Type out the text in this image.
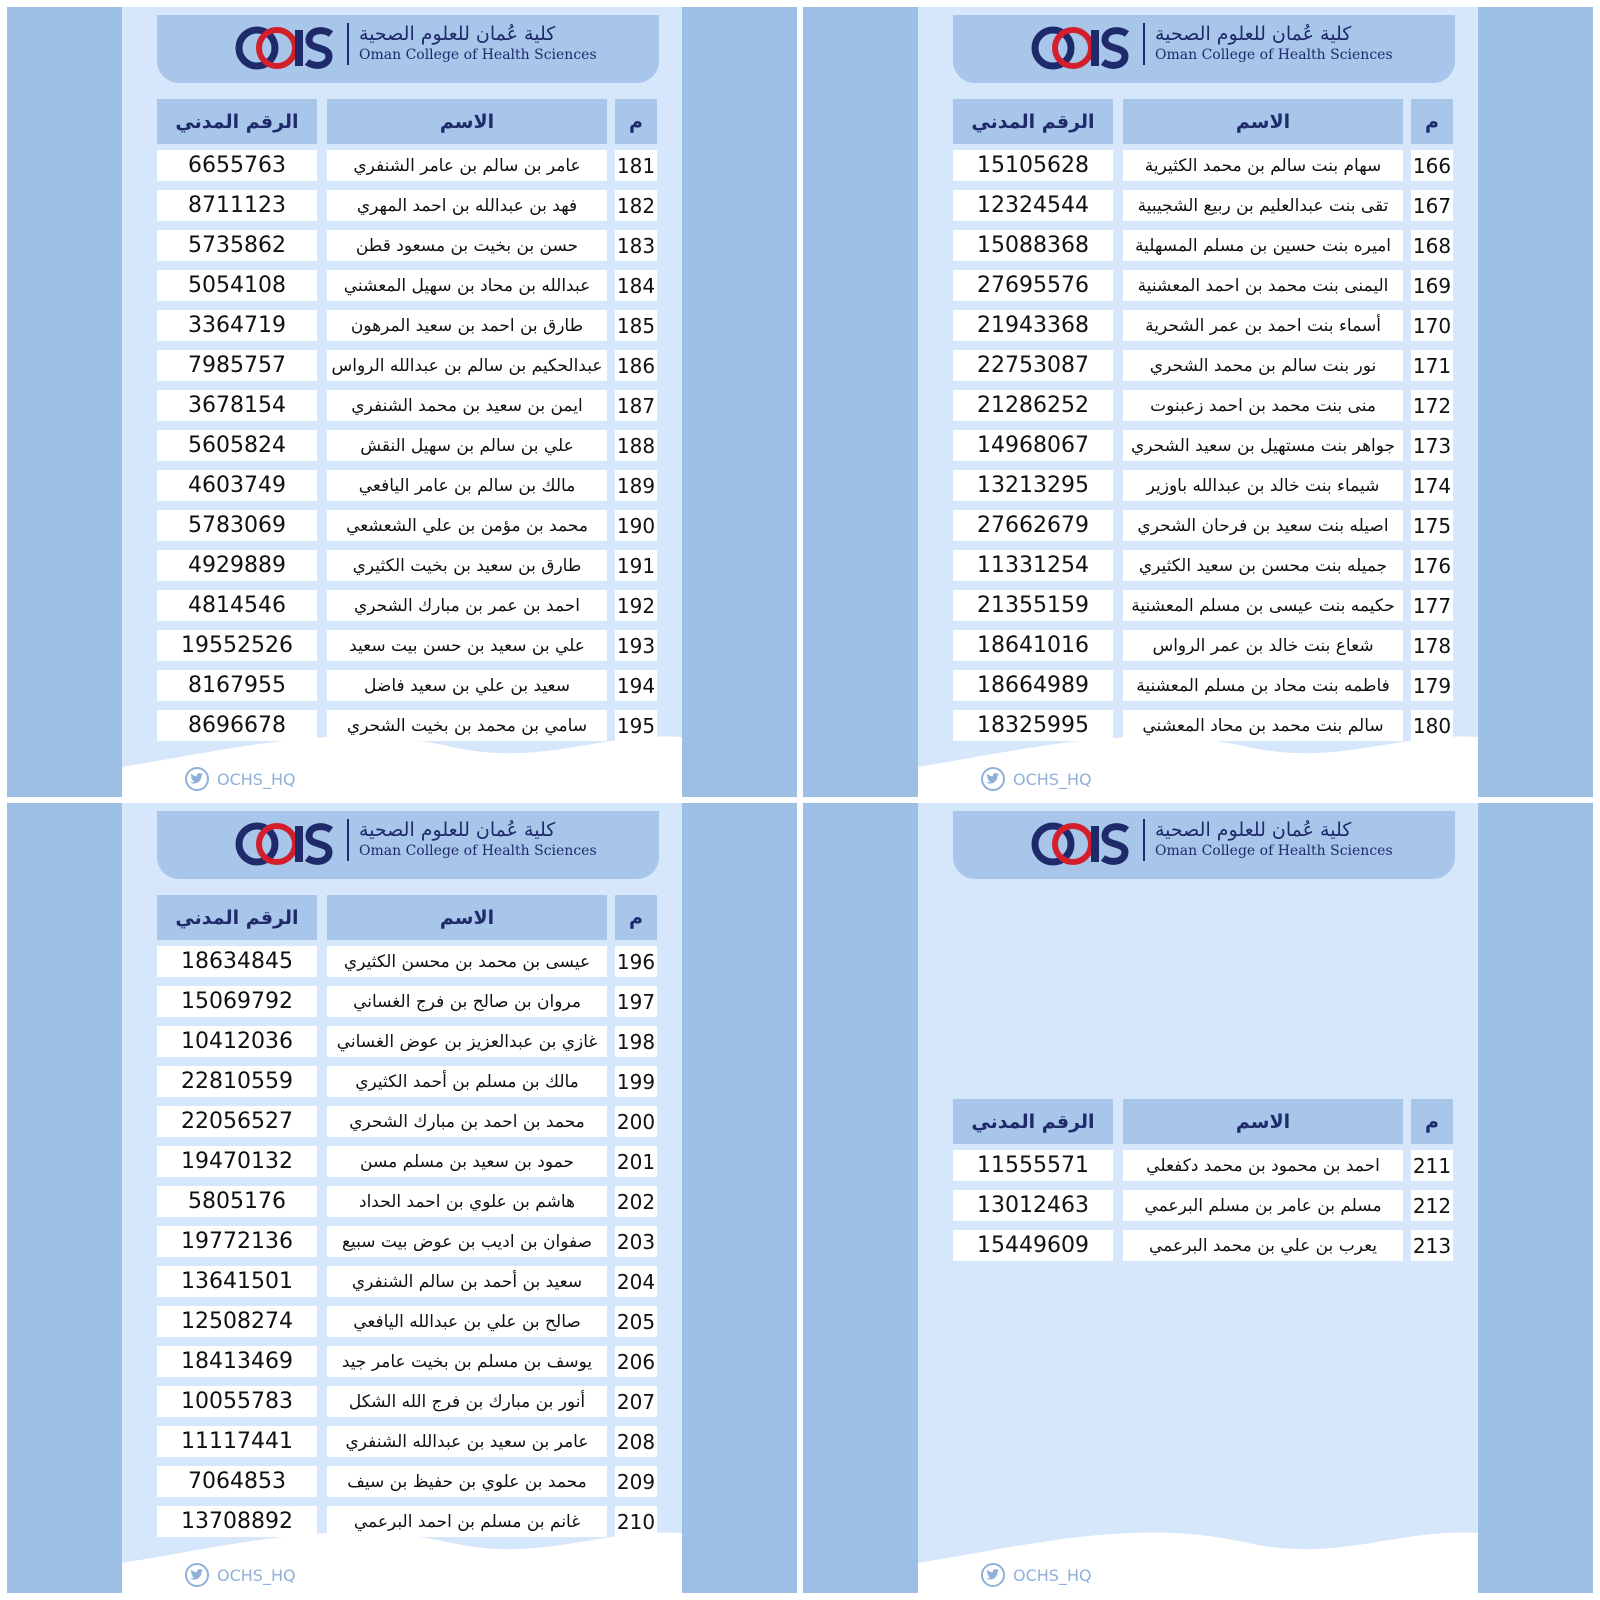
كلية عُمان للعلوم الصحية
Oman College of Health Sciences
الرقم المدني	الاسم	م
6655763	عامر بن سالم بن عامر الشنفري	181
8711123	فهد بن عبدالله بن احمد المهري	182
5735862	حسن بن بخيت بن مسعود قطن	183
5054108	عبدالله بن محاد بن سهيل المعشني	184
3364719	طارق بن احمد بن سعيد المرهون	185
7985757	عبدالحكيم بن سالم بن عبدالله الرواس 186
3678154	ايمن بن سعيد بن محمد الشنفري	187
5605824	علي بن سالم بن سهيل النقش	188
4603749	مالك بن سالم بن عامر اليافعي	189
5783069	محمد بن مؤمن بن علي الشعشعي	190
4929889	طارق بن سعيد بن بخيت الكثيري	191
4814546	احمد بن عمر بن مبارك الشحري	192
19552526	علي بن سعيد بن حسن بيت سعيد	193
8167955	سعيد بن علي بن سعيد فاضل	194
8696678	سامي بن محمد بن بخيت الشحري	195
OCHS_HQ
كلية عُمان للعلوم الصحية
Oman College of Health Sciences
الرقم المدني	الاسم	م
15105628	سهام بنت سالم بن محمد الكثيرية	166
12324544	تقى بنت عبدالعليم بن ربيع الشجيبية	167
15088368	اميره بنت حسين بن مسلم المسهلية	168
27695576	اليمنى بنت محمد بن احمد المعشنية	169
21943368	أسماء بنت احمد بن عمر الشحرية	170
22753087	نور بنت سالم بن محمد الشحري	171
21286252	منى بنت محمد بن احمد زعبنوت	172
14968067	جواهر بنت مستهيل بن سعيد الشحري 173
13213295	شيماء بنت خالد بن عبدالله باوزير	174
27662679	اصيله بنت سعيد بن فرحان الشحري	175
11331254	جميله بنت محسن بن سعيد الكثيري	176
21355159	حكيمه بنت عيسى بن مسلم المعشنية 177
18641016	شعاع بنت خالد بن عمر الرواس	178
18664989	فاطمه بنت محاد بن مسلم المعشنية	179
18325995	سالم بنت محمد بن محاد المعشني	180
OCHS_HQ
كلية عُمان للعلوم الصحية
Oman College of Health Sciences
الرقم المدني	الاسم	م
18634845	عيسى بن محمد بن محسن الكثيري	196
15069792	مروان بن صالح بن فرج الغساني	197
10412036	غازي بن عبدالعزيز بن عوض الغساني 198
22810559	مالك بن مسلم بن أحمد الكثيري	199
22056527	محمد بن احمد بن مبارك الشحري	200
19470132	حمود بن سعيد بن مسلم مسن	201
5805176	هاشم بن علوي بن احمد الحداد	202
19772136	صفوان بن اديب بن عوض بيت سبيع	203
13641501	سعيد بن أحمد بن سالم الشنفري	204
12508274	صالح بن علي بن عبدالله اليافعي	205
18413469	يوسف بن مسلم بن بخيت عامر جيد	206
10055783	أنور بن مبارك بن فرج الله الشكل	207
11117441	عامر بن سعيد بن عبدالله الشنفري	208
7064853	محمد بن علوي بن حفيظ بن سيف	209
13708892	غانم بن مسلم بن احمد البرعمي	210
OCHS_HQ
كلية عُمان للعلوم الصحية
Oman College of Health Sciences
الرقم المدني	الاسم	م
11555571	احمد بن محمود بن محمد دكفعلي	211
13012463	مسلم بن عامر بن مسلم البرعمي	212
15449609	يعرب بن علي بن محمد البرعمي	213
OCHS_HQ
